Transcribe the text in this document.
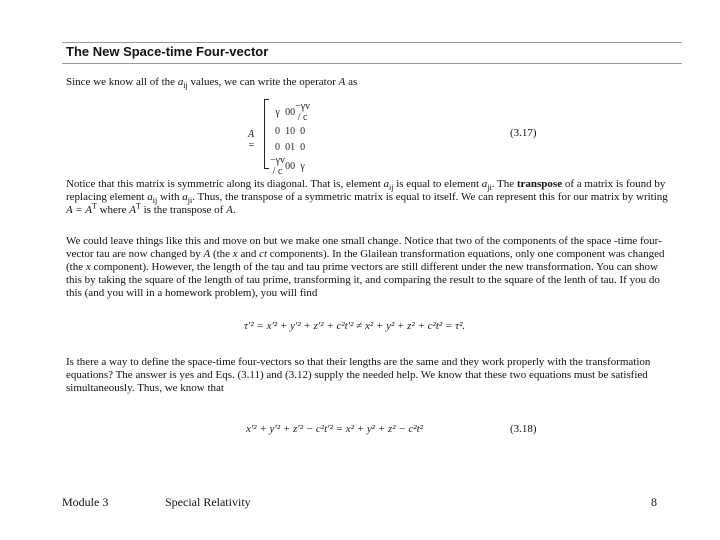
The New Space-time Four-vector
Since we know all of the $a_{ij}$ values, we can write the operator A as
A =
γ	0	0	−γv / c
0	1	0	0
0	0	1	0
−γv / c	0	0	γ
(3.17)
Notice that this matrix is symmetric along its diagonal. That is, element $a_{ij}$ is equal to element $a_{ji}$. The transpose of a matrix is found by replacing element $a_{ij}$ with $a_{ji}$. Thus, the transpose of a symmetric matrix is equal to itself. We can represent this for our matrix by writing $A = A^T$ where $A^T$ is the transpose of A.
We could leave things like this and move on but we make one small change. Notice that two of the components of the space -time four-vector tau are now changed by A (the x and ct components). In the Glailean transformation equations, only one component was changed (the x component). However, the length of the tau and tau prime vectors are still different under the new transformation. You can show this by taking the square of the length of tau prime, transforming it, and comparing the result to the square of the lenth of tau. If you do this (and you will in a homework problem), you will find
τ′² = x′² + y′² + z′² + c²t′² ≠ x² + y² + z² + c²t² = τ².
Is there a way to define the space-time four-vectors so that their lengths are the same and they work properly with the transformation equations? The answer is yes and Eqs. (3.11) and (3.12) supply the needed help. We know that these two equations must be satisfied simultaneously. Thus, we know that
x′² + y′² + z′² − c²t′² = x² + y² + z² − c²t²	(3.18)
Module 3	Special Relativity	8
